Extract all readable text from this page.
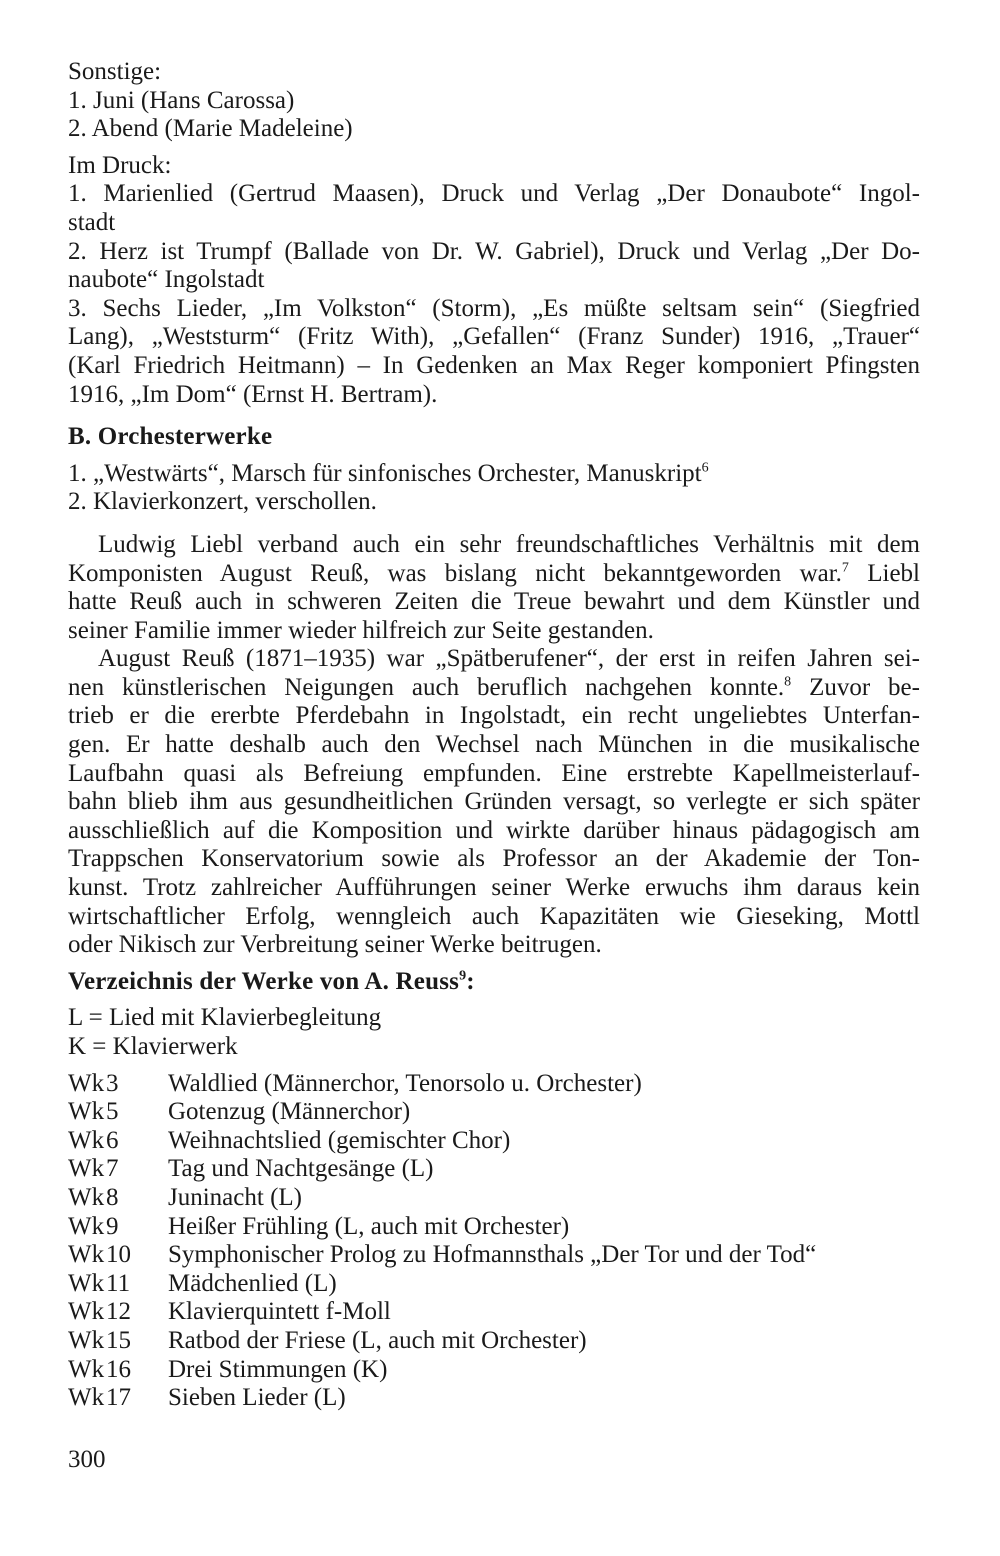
Sonstige:
1. Juni (Hans Carossa)
2. Abend (Marie Madeleine)
Im Druck:
1. Marienlied (Gertrud Maasen), Druck und Verlag „Der Donaubote“ Ingol-
stadt
2. Herz ist Trumpf (Ballade von Dr. W. Gabriel), Druck und Verlag „Der Do-
naubote“ Ingolstadt
3. Sechs Lieder, „Im Volkston“ (Storm), „Es müßte seltsam sein“ (Siegfried
Lang), „Weststurm“ (Fritz With), „Gefallen“ (Franz Sunder) 1916, „Trauer“
(Karl Friedrich Heitmann) – In Gedenken an Max Reger komponiert Pfingsten
1916, „Im Dom“ (Ernst H. Bertram).
B. Orchesterwerke
1. „Westwärts“, Marsch für sinfonisches Orchester, Manuskript$^6$
2. Klavierkonzert, verschollen.
Ludwig Liebl verband auch ein sehr freundschaftliches Verhältnis mit dem
Komponisten August Reuß, was bislang nicht bekanntgeworden war.$^7$ Liebl
hatte Reuß auch in schweren Zeiten die Treue bewahrt und dem Künstler und
seiner Familie immer wieder hilfreich zur Seite gestanden.
August Reuß (1871–1935) war „Spätberufener“, der erst in reifen Jahren sei-
nen künstlerischen Neigungen auch beruflich nachgehen konnte.$^8$ Zuvor be-
trieb er die ererbte Pferdebahn in Ingolstadt, ein recht ungeliebtes Unterfan-
gen. Er hatte deshalb auch den Wechsel nach München in die musikalische
Laufbahn quasi als Befreiung empfunden. Eine erstrebte Kapellmeisterlauf-
bahn blieb ihm aus gesundheitlichen Gründen versagt, so verlegte er sich später
ausschließlich auf die Komposition und wirkte darüber hinaus pädagogisch am
Trappschen Konservatorium sowie als Professor an der Akademie der Ton-
kunst. Trotz zahlreicher Aufführungen seiner Werke erwuchs ihm daraus kein
wirtschaftlicher Erfolg, wenngleich auch Kapazitäten wie Gieseking, Mottl
oder Nikisch zur Verbreitung seiner Werke beitrugen.
Verzeichnis der Werke von A. Reuss$^9$:
L = Lied mit Klavierbegleitung
K = Klavierwerk
Wk 3	Waldlied (Männerchor, Tenorsolo u. Orchester)
Wk 5	Gotenzug (Männerchor)
Wk 6	Weihnachtslied (gemischter Chor)
Wk 7	Tag und Nachtgesänge (L)
Wk 8	Juninacht (L)
Wk 9	Heißer Frühling (L, auch mit Orchester)
Wk 10 Symphonischer Prolog zu Hofmannsthals „Der Tor und der Tod“
Wk 11	Mädchenlied (L)
Wk 12 Klavierquintett f-Moll
Wk 15 Ratbod der Friese (L, auch mit Orchester)
Wk 16 Drei Stimmungen (K)
Wk 17 Sieben Lieder (L)
300
